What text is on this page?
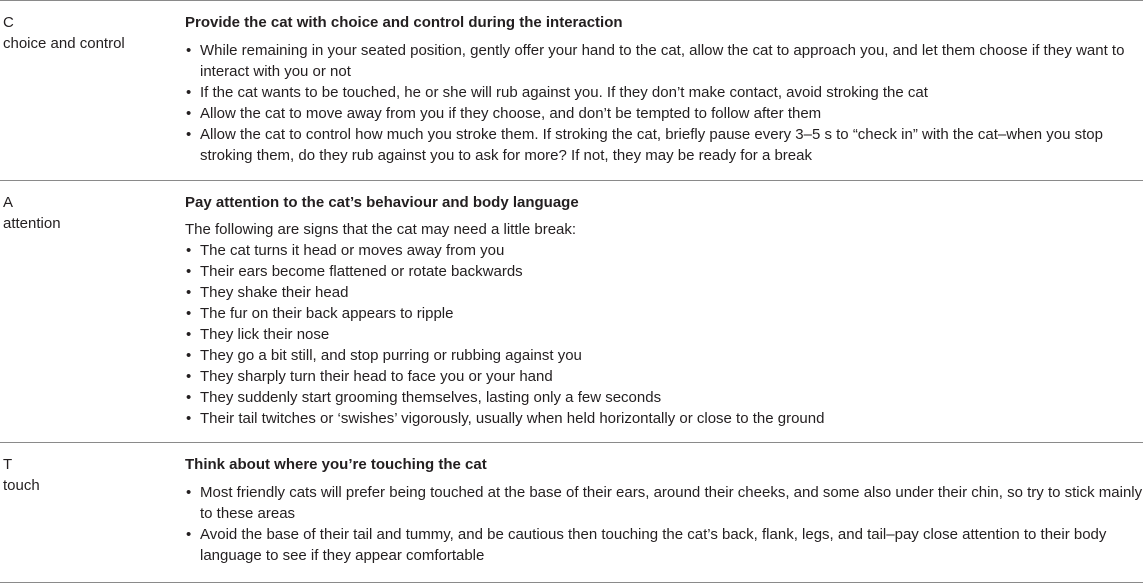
C
choice and control
Provide the cat with choice and control during the interaction
• While remaining in your seated position, gently offer your hand to the cat, allow the cat to approach you, and let them choose if they want to interact with you or not
• If the cat wants to be touched, he or she will rub against you. If they don’t make contact, avoid stroking the cat
• Allow the cat to move away from you if they choose, and don’t be tempted to follow after them
• Allow the cat to control how much you stroke them. If stroking the cat, briefly pause every 3–5 s to “check in” with the cat–when you stop stroking them, do they rub against you to ask for more? If not, they may be ready for a break
A
attention
Pay attention to the cat’s behaviour and body language

The following are signs that the cat may need a little break:

• The cat turns it head or moves away from you
• Their ears become flattened or rotate backwards
• They shake their head
• The fur on their back appears to ripple
• They lick their nose
• They go a bit still, and stop purring or rubbing against you
• They sharply turn their head to face you or your hand
• They suddenly start grooming themselves, lasting only a few seconds
• Their tail twitches or ‘swishes’ vigorously, usually when held horizontally or close to the ground
T
touch
Think about where you’re touching the cat
• Most friendly cats will prefer being touched at the base of their ears, around their cheeks, and some also under their chin, so try to stick mainly to these areas
• Avoid the base of their tail and tummy, and be cautious then touching the cat’s back, flank, legs, and tail–pay close attention to their body language to see if they appear comfortable
